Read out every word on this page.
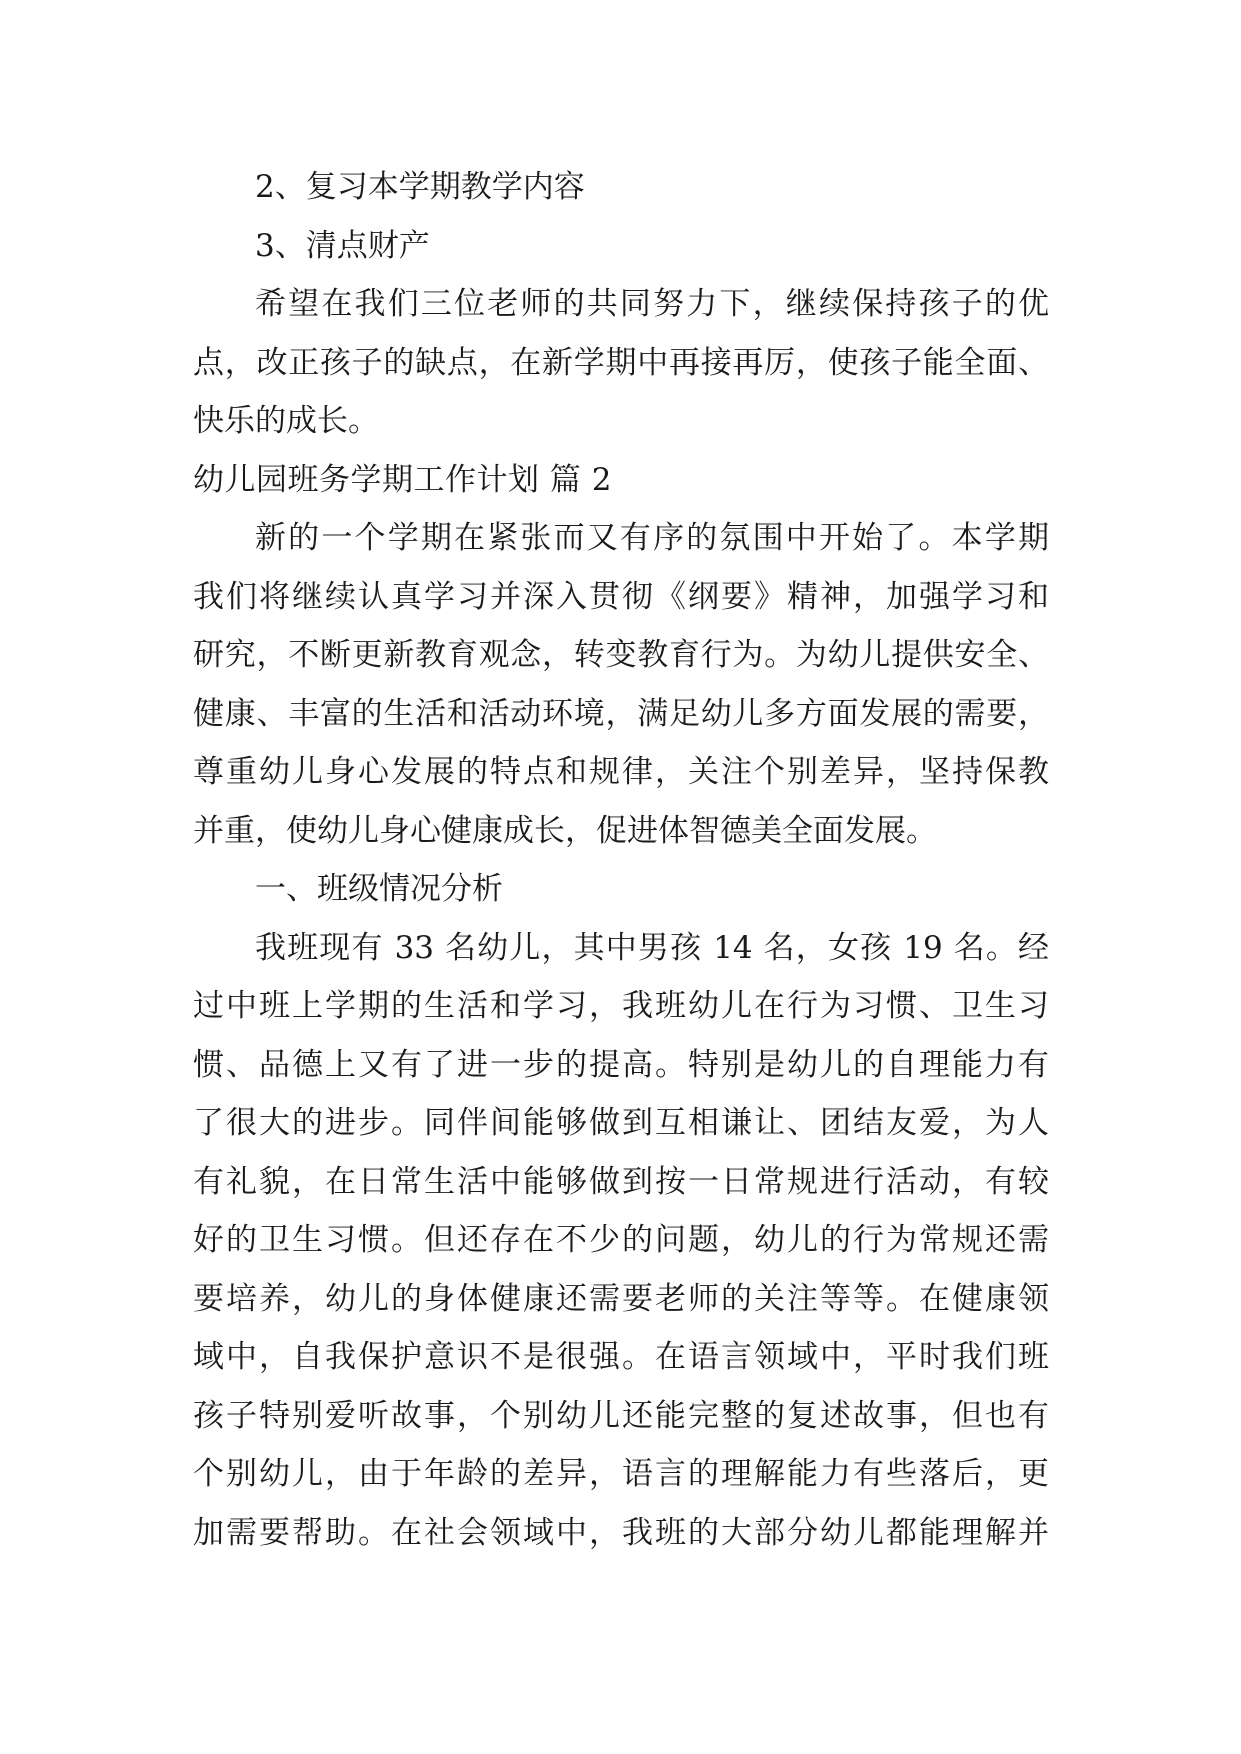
2、复习本学期教学内容
3、清点财产
希望在我们三位老师的共同努力下，继续保持孩子的优
点，改正孩子的缺点，在新学期中再接再厉，使孩子能全面、
快乐的成长。
幼儿园班务学期工作计划 篇 2
新的一个学期在紧张而又有序的氛围中开始了。本学期
我们将继续认真学习并深入贯彻《纲要》精神，加强学习和
研究，不断更新教育观念，转变教育行为。为幼儿提供安全、
健康、丰富的生活和活动环境，满足幼儿多方面发展的需要，
尊重幼儿身心发展的特点和规律，关注个别差异，坚持保教
并重，使幼儿身心健康成长，促进体智德美全面发展。
一、班级情况分析
我班现有 33 名幼儿，其中男孩 14 名，女孩 19 名。经
过中班上学期的生活和学习，我班幼儿在行为习惯、卫生习
惯、品德上又有了进一步的提高。特别是幼儿的自理能力有
了很大的进步。同伴间能够做到互相谦让、团结友爱，为人
有礼貌，在日常生活中能够做到按一日常规进行活动，有较
好的卫生习惯。但还存在不少的问题，幼儿的行为常规还需
要培养，幼儿的身体健康还需要老师的关注等等。在健康领
域中，自我保护意识不是很强。在语言领域中，平时我们班
孩子特别爱听故事，个别幼儿还能完整的复述故事，但也有
个别幼儿，由于年龄的差异，语言的理解能力有些落后，更
加需要帮助。在社会领域中，我班的大部分幼儿都能理解并
